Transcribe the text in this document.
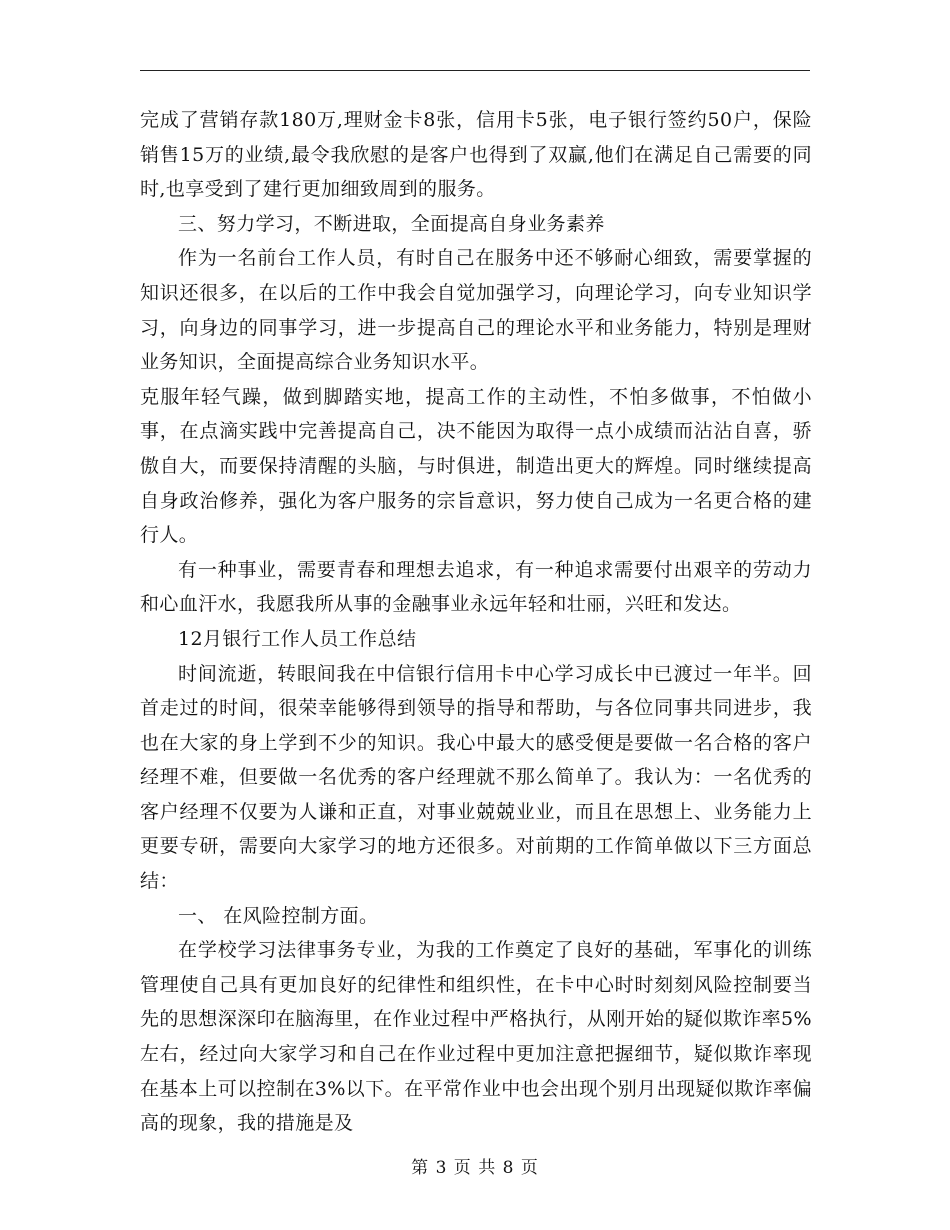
完成了营销存款180万,理财金卡8张，信用卡5张，电子银行签约50户，保险销售15万的业绩,最令我欣慰的是客户也得到了双赢,他们在满足自己需要的同时,也享受到了建行更加细致周到的服务。

三、努力学习，不断进取，全面提高自身业务素养

作为一名前台工作人员，有时自己在服务中还不够耐心细致，需要掌握的知识还很多，在以后的工作中我会自觉加强学习，向理论学习，向专业知识学习，向身边的同事学习，进一步提高自己的理论水平和业务能力，特别是理财业务知识，全面提高综合业务知识水平。

克服年轻气躁，做到脚踏实地，提高工作的主动性，不怕多做事，不怕做小事，在点滴实践中完善提高自己，决不能因为取得一点小成绩而沾沾自喜，骄傲自大，而要保持清醒的头脑，与时俱进，制造出更大的辉煌。同时继续提高自身政治修养，强化为客户服务的宗旨意识，努力使自己成为一名更合格的建行人。

有一种事业，需要青春和理想去追求，有一种追求需要付出艰辛的劳动力和心血汗水，我愿我所从事的金融事业永远年轻和壮丽，兴旺和发达。

12月银行工作人员工作总结

时间流逝，转眼间我在中信银行信用卡中心学习成长中已渡过一年半。回首走过的时间，很荣幸能够得到领导的指导和帮助，与各位同事共同进步，我也在大家的身上学到不少的知识。我心中最大的感受便是要做一名合格的客户经理不难，但要做一名优秀的客户经理就不那么简单了。我认为：一名优秀的客户经理不仅要为人谦和正直，对事业兢兢业业，而且在思想上、业务能力上更要专研，需要向大家学习的地方还很多。对前期的工作简单做以下三方面总结：

一、 在风险控制方面。

在学校学习法律事务专业，为我的工作奠定了良好的基础，军事化的训练管理使自己具有更加良好的纪律性和组织性，在卡中心时时刻刻风险控制要当先的思想深深印在脑海里，在作业过程中严格执行，从刚开始的疑似欺诈率5%左右，经过向大家学习和自己在作业过程中更加注意把握细节，疑似欺诈率现在基本上可以控制在3%以下。在平常作业中也会出现个别月出现疑似欺诈率偏高的现象，我的措施是及

第 3 页 共 8 页
